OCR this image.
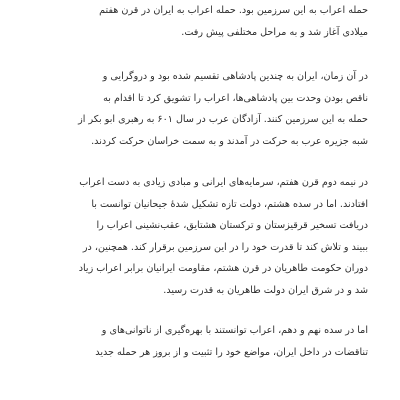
حمله اعراب به این سرزمین بود. حمله اعراب به ایران در قرن هفتم
میلادی آغاز شد و به مراحل مختلفی پیش رفت.
در آن زمان، ایران به چندین پادشاهی تقسیم شده بود و دروگرایی و
ناقص بودن وحدت بین پادشاهی‌ها، اعراب را تشویق کرد تا اقدام به
حمله به این سرزمین کنند. آزادگان عرب در سال ۶۰۱ به رهبری ابو بکر از
شبه جزیره عرب به حرکت در آمدند و به سمت خراسان حرکت کردند.
در نیمه دوم قرن هفتم، سرمایه‌های ایرانی و مبادی زیادی به دست اعراب
افتادند. اما در سده هشتم، دولت تازه تشکیل شدهٔ جیحانیان توانست با
دریافت تسخیر قرقیزستان و ترکستان هشتایق، عقب‌نشینی اعراب را
ببیند و تلاش کند تا قدرت خود را در این سرزمین برقرار کند. همچنین، در
دوران حکومت طاهریان در قرن هشتم، مقاومت ایرانیان برابر اعراب زیاد
شد و در شرق ایران دولت طاهریان به قدرت رسید.
اما در سده نهم و دهم، اعراب توانستند با بهره‌گیری از ناتوانی‌های و
تناقضات در داخل ایران، مواضع خود را تثبیت و از بروز هر حمله جدید
